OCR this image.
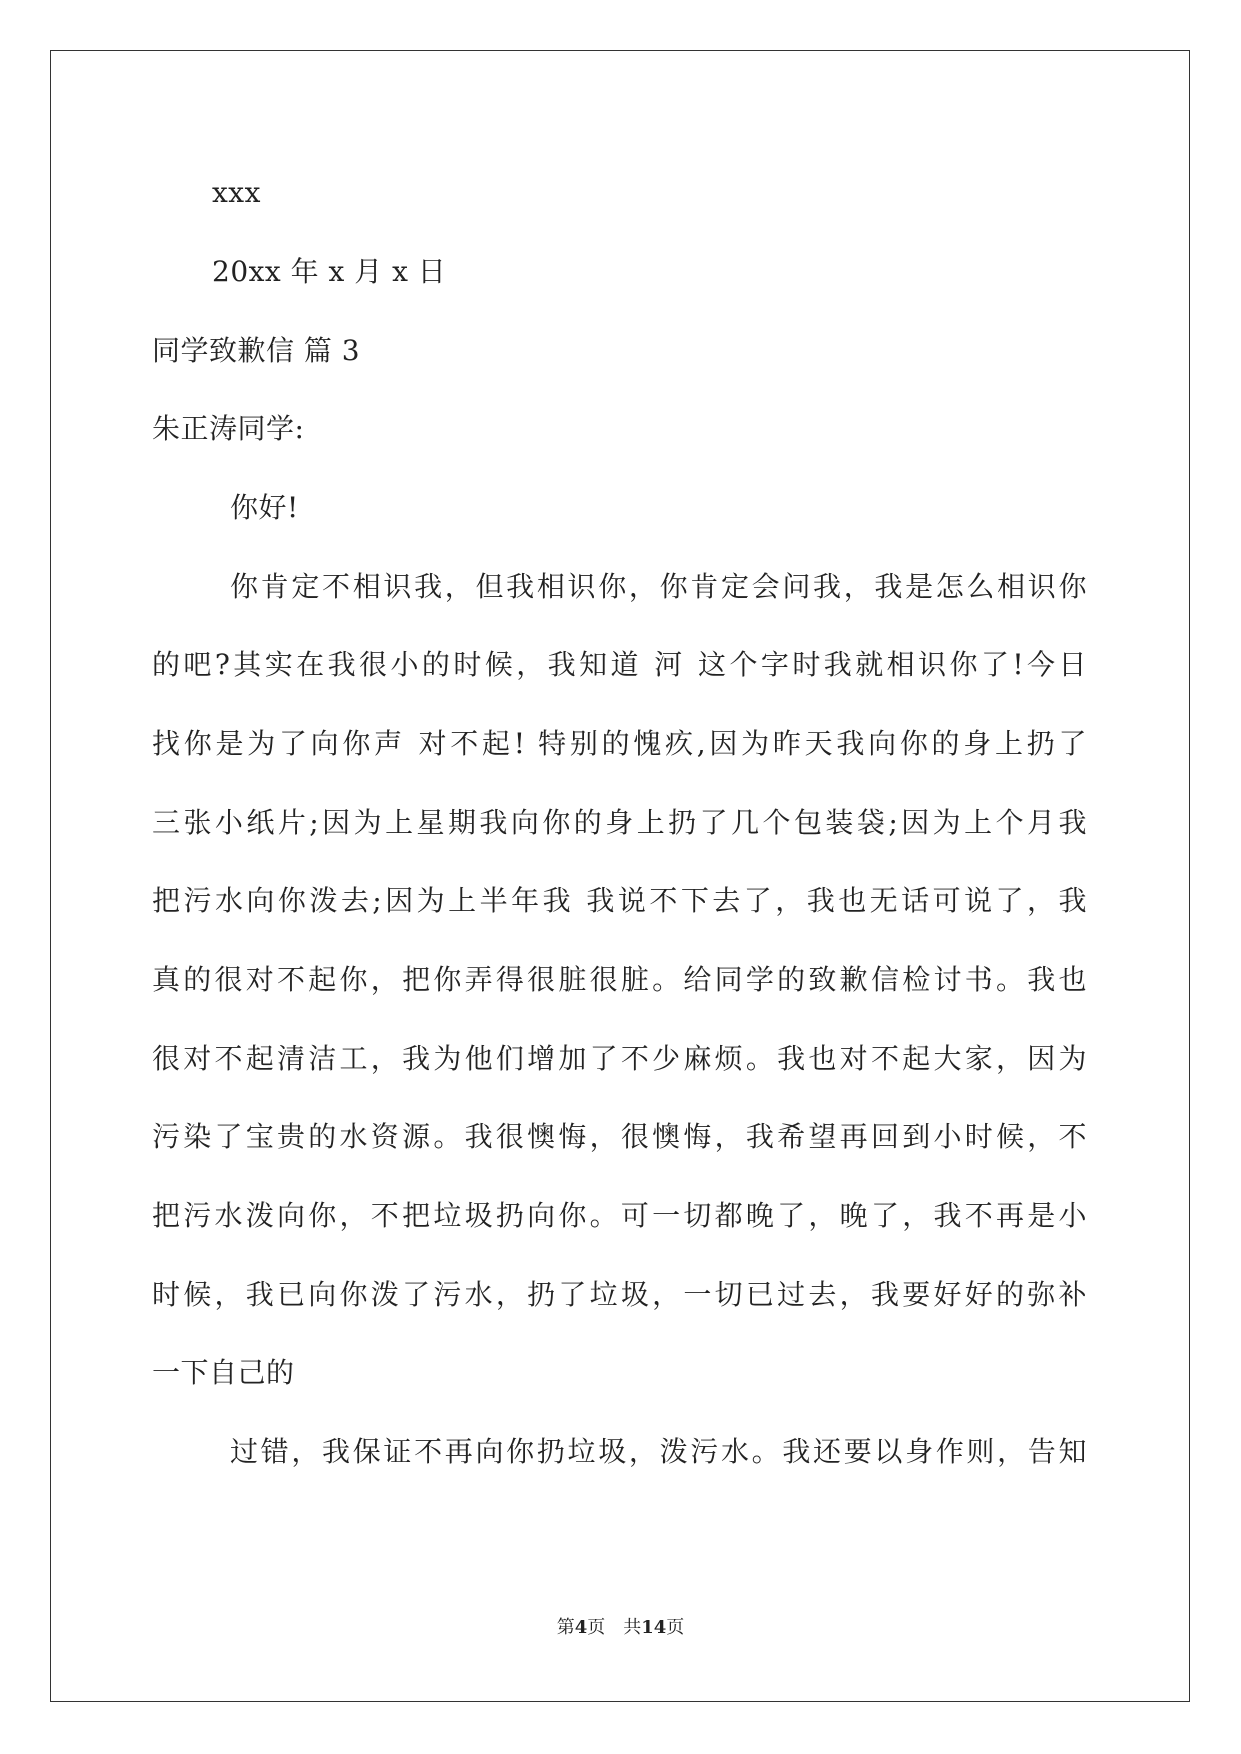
xxx
20xx 年 x 月 x 日
同学致歉信 篇 3
朱正涛同学:
你好!
你肯定不相识我，但我相识你，你肯定会问我，我是怎么相识你
的吧?其实在我很小的时候，我知道 河 这个字时我就相识你了!今日
找你是为了向你声 对不起! 特别的愧疚,因为昨天我向你的身上扔了
三张小纸片;因为上星期我向你的身上扔了几个包装袋;因为上个月我
把污水向你泼去;因为上半年我 我说不下去了，我也无话可说了，我
真的很对不起你，把你弄得很脏很脏。给同学的致歉信检讨书。我也
很对不起清洁工，我为他们增加了不少麻烦。我也对不起大家，因为
污染了宝贵的水资源。我很懊悔，很懊悔，我希望再回到小时候，不
把污水泼向你，不把垃圾扔向你。可一切都晚了，晚了，我不再是小
时候，我已向你泼了污水，扔了垃圾，一切已过去，我要好好的弥补
一下自己的
过错，我保证不再向你扔垃圾，泼污水。我还要以身作则，告知
第4页　共14页
